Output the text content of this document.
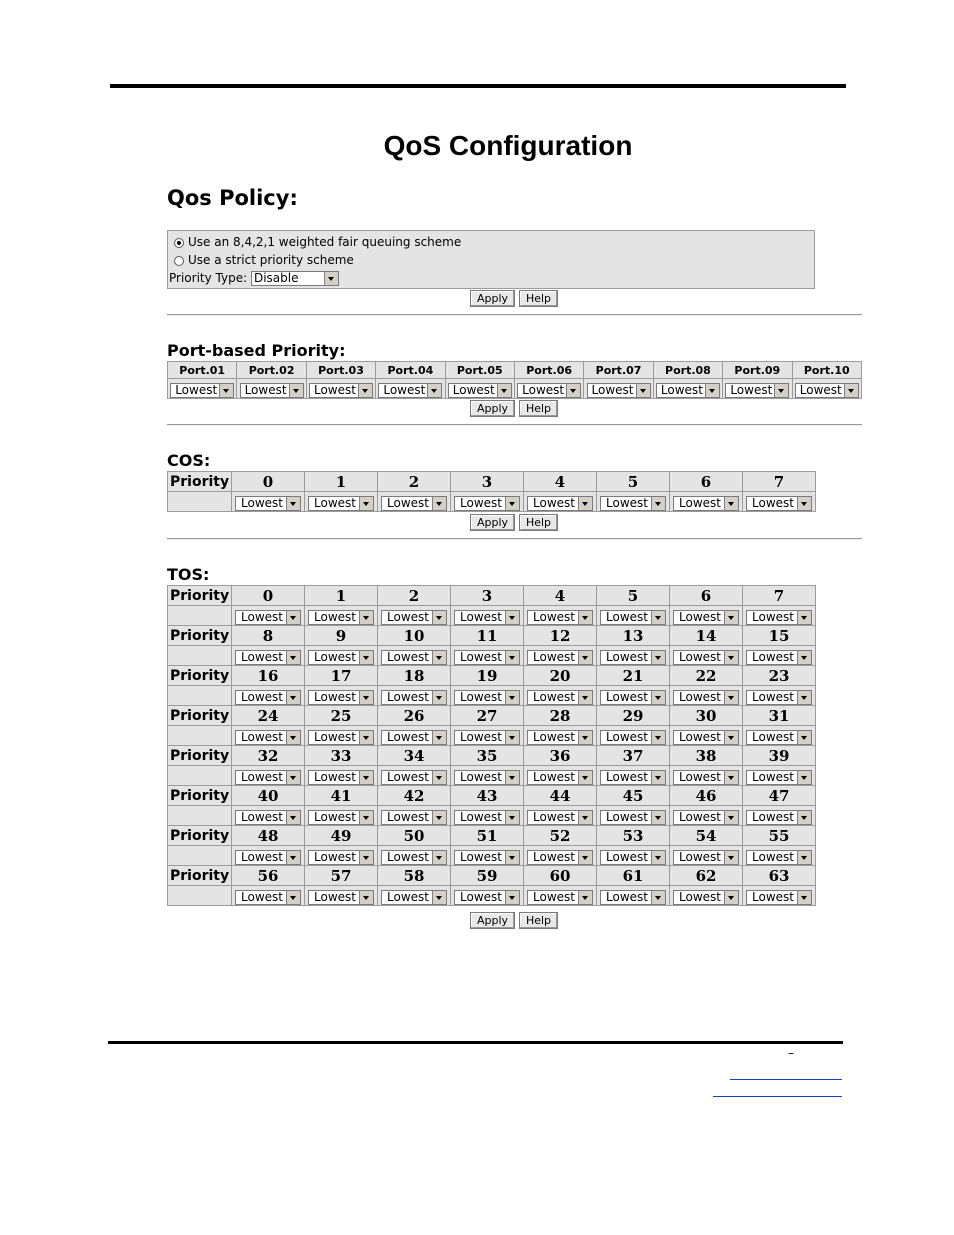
–
QoS Configuration
Qos Policy:
Use an 8,4,2,1 weighted fair queuing scheme
Use a strict priority scheme
Priority Type: Disable
Apply	Help
Port-based Priority:
Port.01	Port.02	Port.03	Port.04	Port.05	Port.06	Port.07	Port.08	Port.09	Port.10

Lowest	Lowest	Lowest	Lowest	Lowest	Lowest	Lowest	Lowest	Lowest	Lowest
Apply	Help
COS:
Priority	0	1	2	3	4	5	6	7

	Lowest	Lowest	Lowest	Lowest	Lowest	Lowest	Lowest	Lowest
Apply	Help
TOS:
Priority	0	1	2	3	4	5	6	7

	Lowest	Lowest	Lowest	Lowest	Lowest	Lowest	Lowest	Lowest

Priority	8	9	10	11	12	13	14	15

	Lowest	Lowest	Lowest	Lowest	Lowest	Lowest	Lowest	Lowest

Priority	16	17	18	19	20	21	22	23

	Lowest	Lowest	Lowest	Lowest	Lowest	Lowest	Lowest	Lowest

Priority	24	25	26	27	28	29	30	31

	Lowest	Lowest	Lowest	Lowest	Lowest	Lowest	Lowest	Lowest

Priority	32	33	34	35	36	37	38	39

	Lowest	Lowest	Lowest	Lowest	Lowest	Lowest	Lowest	Lowest

Priority	40	41	42	43	44	45	46	47

	Lowest	Lowest	Lowest	Lowest	Lowest	Lowest	Lowest	Lowest

Priority	48	49	50	51	52	53	54	55

	Lowest	Lowest	Lowest	Lowest	Lowest	Lowest	Lowest	Lowest

Priority	56	57	58	59	60	61	62	63

	Lowest	Lowest	Lowest	Lowest	Lowest	Lowest	Lowest	Lowest
Apply	Help
